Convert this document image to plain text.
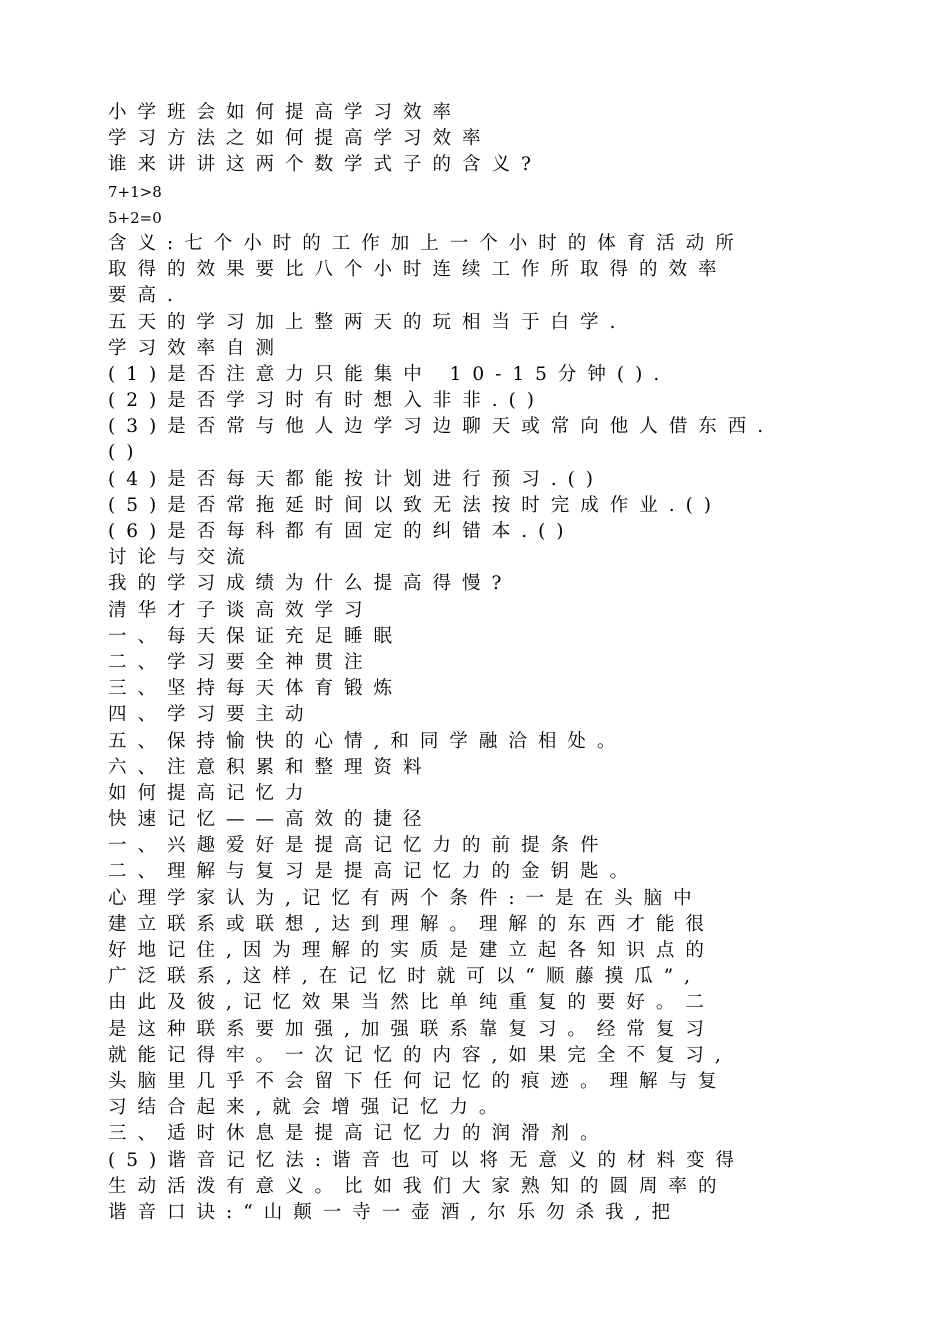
小学班会如何提高学习效率
学习方法之如何提高学习效率
谁来讲讲这两个数学式子的含义?
7+1>8
5+2=0
含义:七个小时的工作加上一个小时的体育活动所
取得的效果要比八个小时连续工作所取得的效率
要高.
五天的学习加上整两天的玩相当于白学.
学习效率自测
(1)是否注意力只能集中 10-15分钟().
(2)是否学习时有时想入非非.()
(3)是否常与他人边学习边聊天或常向他人借东西.
()
(4)是否每天都能按计划进行预习.()
(5)是否常拖延时间以致无法按时完成作业.()
(6)是否每科都有固定的纠错本.()
讨论与交流
我的学习成绩为什么提高得慢?
清华才子谈高效学习
一、每天保证充足睡眠
二、学习要全神贯注
三、坚持每天体育锻炼
四、学习要主动
五、保持愉快的心情,和同学融洽相处。
六、注意积累和整理资料
如何提高记忆力
快速记忆——高效的捷径
一、兴趣爱好是提高记忆力的前提条件
二、理解与复习是提高记忆力的金钥匙。
心理学家认为,记忆有两个条件:一是在头脑中
建立联系或联想,达到理解。理解的东西才能很
好地记住,因为理解的实质是建立起各知识点的
广泛联系,这样,在记忆时就可以“顺藤摸瓜”,
由此及彼,记忆效果当然比单纯重复的要好。二
是这种联系要加强,加强联系靠复习。经常复习
就能记得牢。一次记忆的内容,如果完全不复习,
头脑里几乎不会留下任何记忆的痕迹。理解与复
习结合起来,就会增强记忆力。
三、适时休息是提高记忆力的润滑剂。
(5)谐音记忆法:谐音也可以将无意义的材料变得
生动活泼有意义。比如我们大家熟知的圆周率的
谐音口诀:“山颠一寺一壶酒,尔乐勿杀我,把
